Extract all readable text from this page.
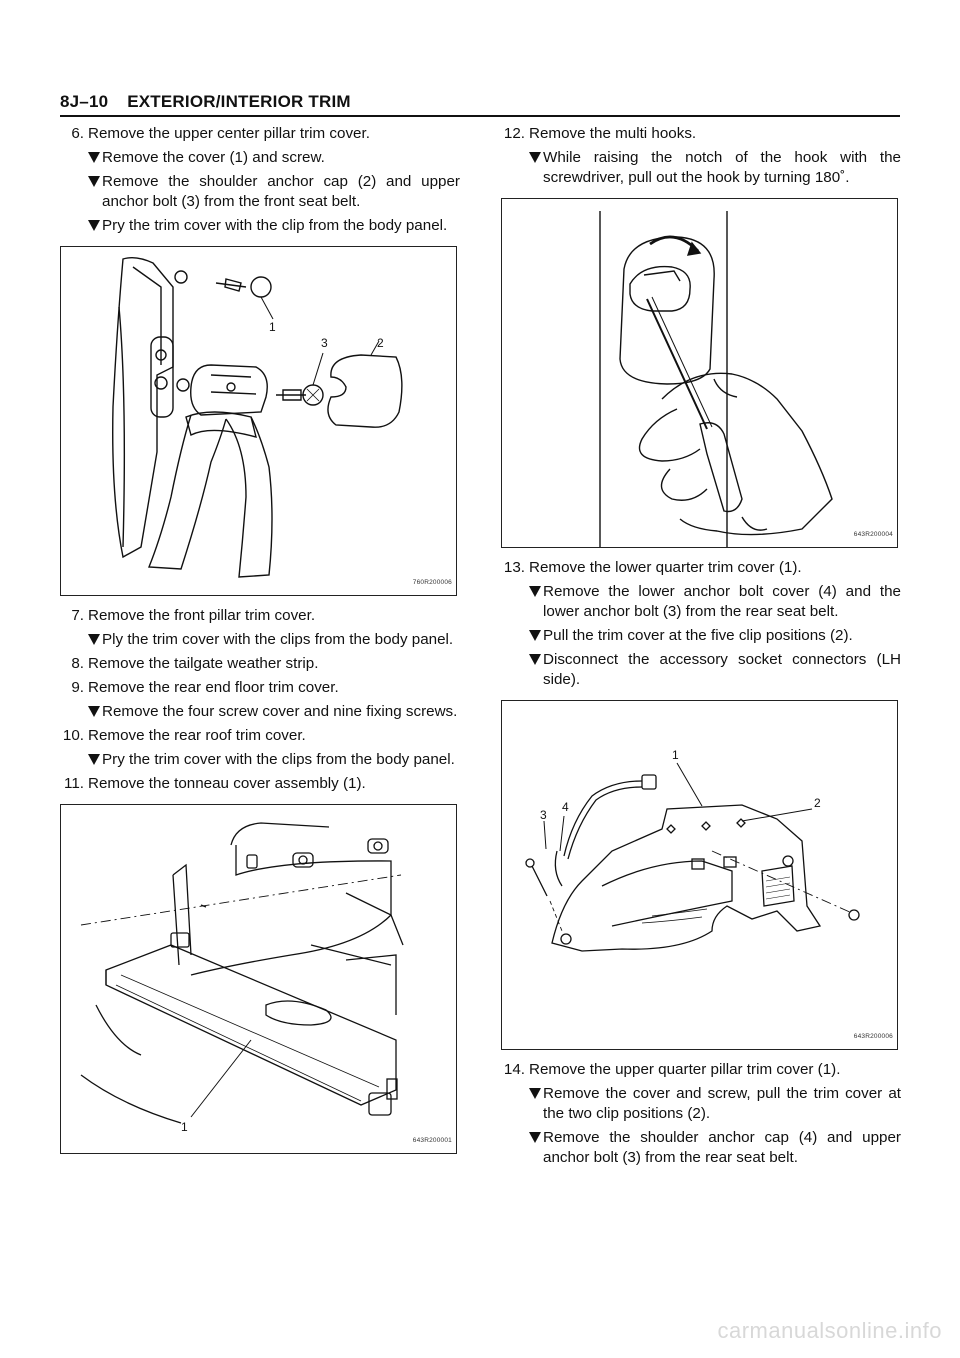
8J–10 EXTERIOR/INTERIOR TRIM
6. Remove the upper center pillar trim cover.
Remove the cover (1) and screw.
Remove the shoulder anchor cap (2) and upper anchor bolt (3) from the front seat belt.
Pry the trim cover with the clip from the body panel.
1
3	2
760R200006
7. Remove the front pillar trim cover.
Ply the trim cover with the clips from the body panel.
8. Remove the tailgate weather strip.
9. Remove the rear end floor trim cover.
Remove the four screw cover and nine fixing screws.
10. Remove the rear roof trim cover.
Pry the trim cover with the clips from the body panel.
11. Remove the tonneau cover assembly (1).
1
643R200001
12. Remove the multi hooks.
While raising the notch of the hook with the screwdriver, pull out the hook by turning 180˚.
643R200004
13. Remove the lower quarter trim cover (1).
Remove the lower anchor bolt cover (4) and the lower anchor bolt (3) from the rear seat belt.
Pull the trim cover at the five clip positions (2).
Disconnect the accessory socket connectors (LH side).
1
2
3
4
643R200006
14. Remove the upper quarter pillar trim cover (1).
Remove the cover and screw, pull the trim cover at the two clip positions (2).
Remove the shoulder anchor cap (4) and upper anchor bolt (3) from the rear seat belt.
carmanualsonline.info
